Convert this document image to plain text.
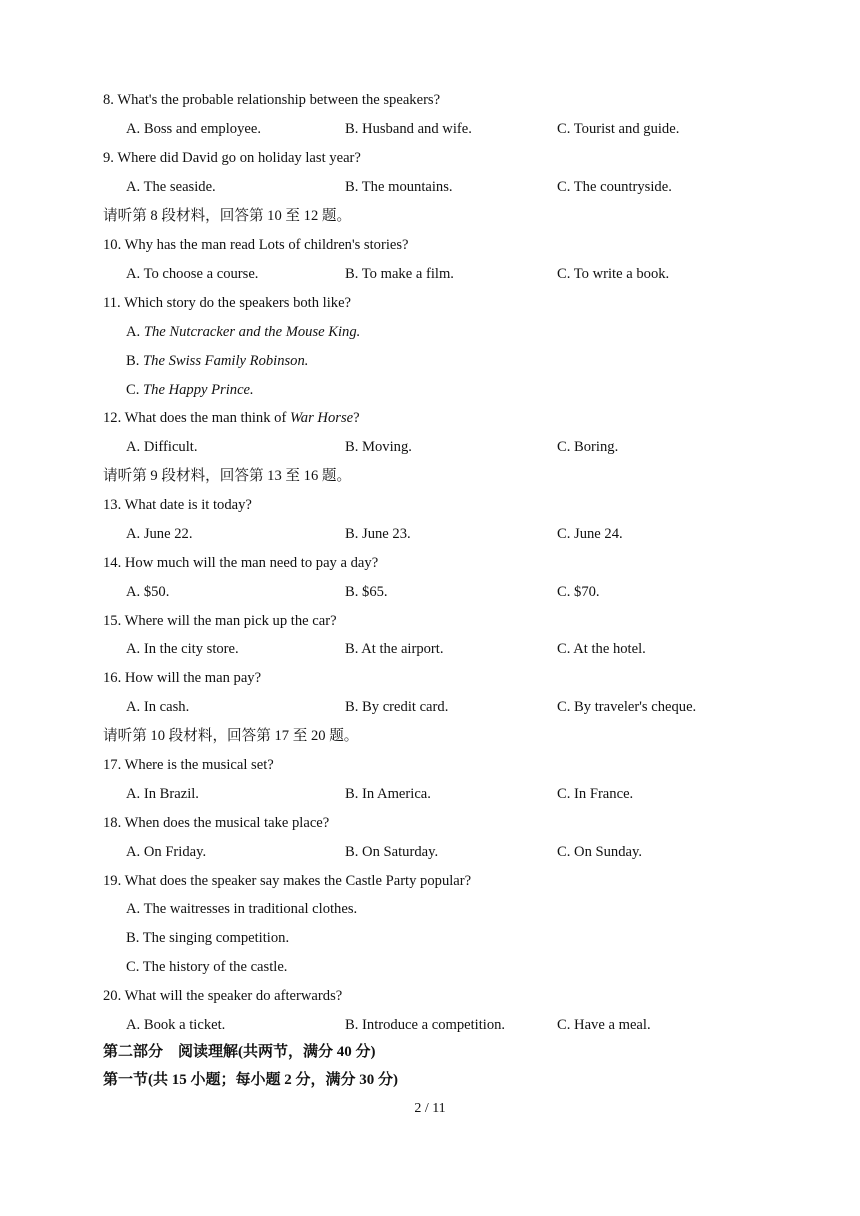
8. What's the probable relationship between the speakers?
A. Boss and employee.	B. Husband and wife.	C. Tourist and guide.
9. Where did David go on holiday last year?
A. The seaside.	B. The mountains.	C. The countryside.
请听第 8 段材料，回答第 10 至 12 题。
10. Why has the man read Lots of children's stories?
A. To choose a course.	B. To make a film.	C. To write a book.
11. Which story do the speakers both like?
A. The Nutcracker and the Mouse King.
B. The Swiss Family Robinson.
C. The Happy Prince.
12. What does the man think of War Horse?
A. Difficult.	B. Moving.	C. Boring.
请听第 9 段材料，回答第 13 至 16 题。
13. What date is it today?
A. June 22.	B. June 23.	C. June 24.
14. How much will the man need to pay a day?
A. $50.	B. $65.	C. $70.
15. Where will the man pick up the car?
A. In the city store.	B. At the airport.	C. At the hotel.
16. How will the man pay?
A. In cash.	B. By credit card.	C. By traveler's cheque.
请听第 10 段材料，回答第 17 至 20 题。
17. Where is the musical set?
A. In Brazil.	B. In America.	C. In France.
18. When does the musical take place?
A. On Friday.	B. On Saturday.	C. On Sunday.
19. What does the speaker say makes the Castle Party popular?
A. The waitresses in traditional clothes.
B. The singing competition.
C. The history of the castle.
20. What will the speaker do afterwards?
A. Book a ticket.	B. Introduce a competition.	C. Have a meal.
第二部分　阅读理解(共两节，满分 40 分)
第一节(共 15 小题；每小题 2 分，满分 30 分)
2 / 11
